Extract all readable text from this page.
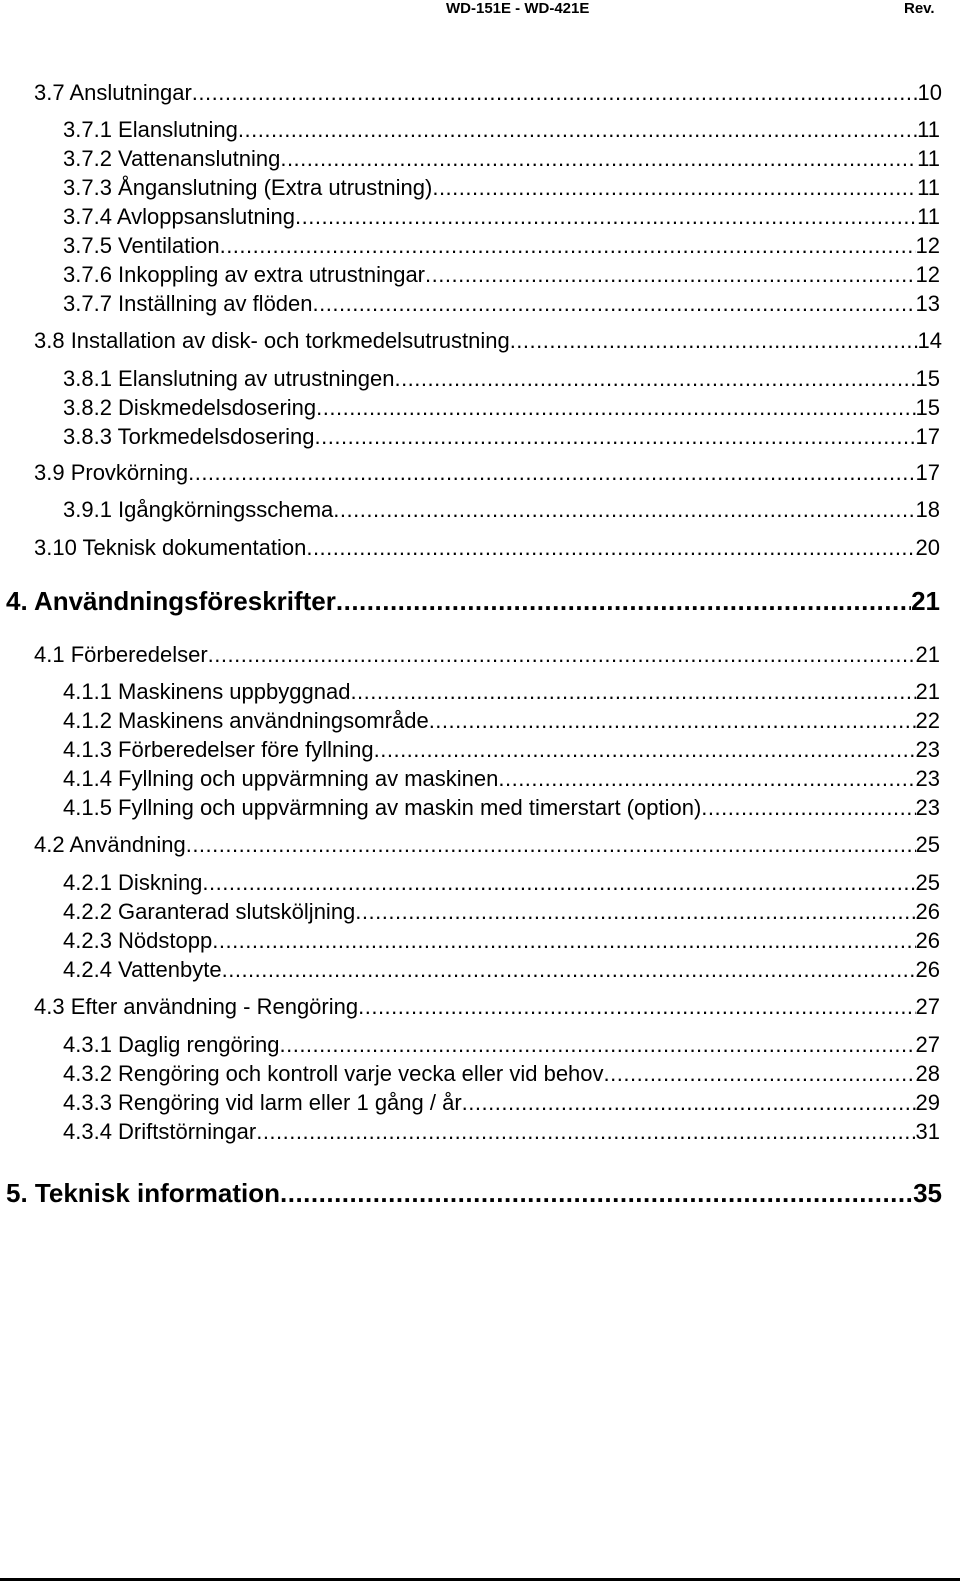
WD-151E - WD-421E	Rev.
3.7 Anslutningar .....	10
3.7.1 Elanslutning .....	11
3.7.2 Vattenanslutning .....	11
3.7.3 Ånganslutning (Extra utrustning) .....	11
3.7.4 Avloppsanslutning .....	11
3.7.5 Ventilation .....	12
3.7.6 Inkoppling av extra utrustningar .....	12
3.7.7 Inställning av flöden .....	13
3.8 Installation av disk- och torkmedelsutrustning .....	14
3.8.1 Elanslutning av utrustningen .....	15
3.8.2 Diskmedelsdosering .....	15
3.8.3 Torkmedelsdosering .....	17
3.9 Provkörning .....	17
3.9.1 Igångkörningsschema .....	18
3.10 Teknisk dokumentation .....	20
4. Användningsföreskrifter .....	21
4.1 Förberedelser .....	21
4.1.1 Maskinens uppbyggnad .....	21
4.1.2 Maskinens användningsområde .....	22
4.1.3 Förberedelser före fyllning .....	23
4.1.4 Fyllning och uppvärmning av maskinen .....	23
4.1.5 Fyllning och uppvärmning av maskin med timerstart (option) .....	23
4.2 Användning .....	25
4.2.1 Diskning .....	25
4.2.2 Garanterad slutsköljning .....	26
4.2.3 Nödstopp .....	26
4.2.4 Vattenbyte .....	26
4.3 Efter användning - Rengöring .....	27
4.3.1 Daglig rengöring .....	27
4.3.2 Rengöring och kontroll varje vecka eller vid behov .....	28
4.3.3 Rengöring vid larm eller 1 gång / år .....	29
4.3.4 Driftstörningar .....	31
5. Teknisk information .....	35
